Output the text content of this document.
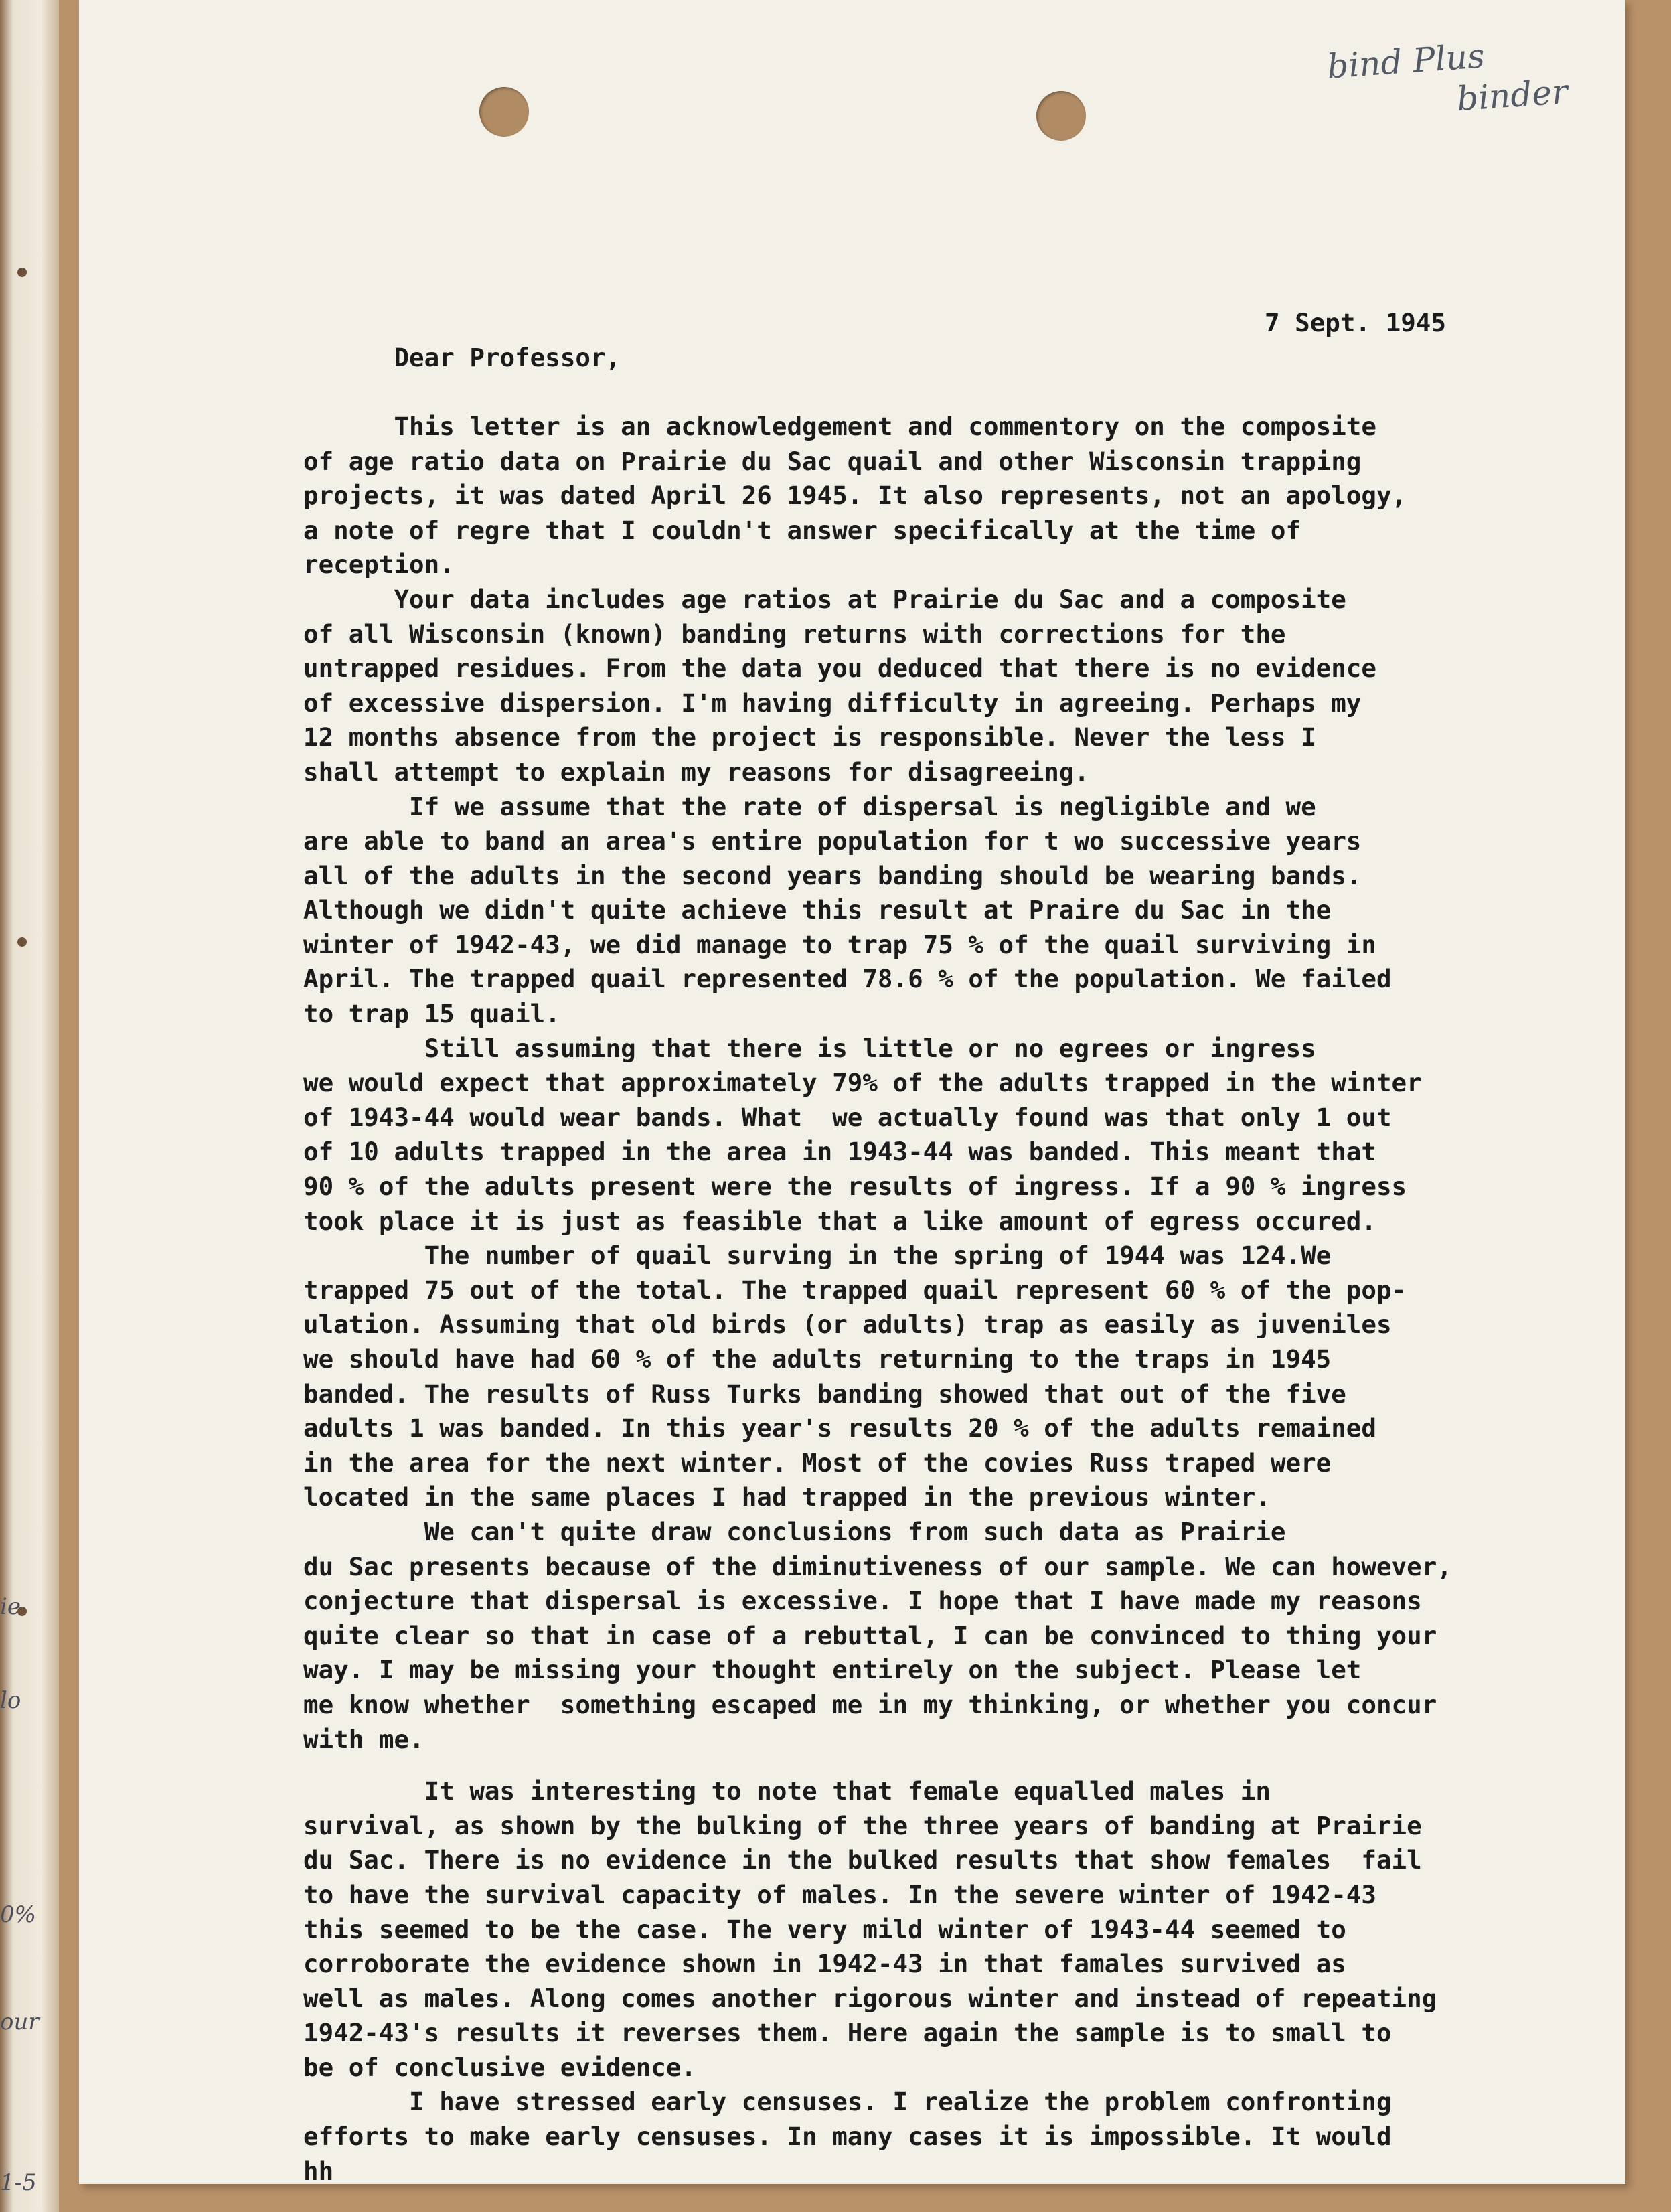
ie
lo
0%
our
1-5
bind Plus
binder

Dear Professor,

7 Sept. 1945

This letter is an acknowledgement and commentory on the composite
of age ratio data on Prairie du Sac quail and other Wisconsin trapping
projects, it was dated April 26 1945. It also represents, not an apology,
a note of regre that I couldn't answer specifically at the time of
reception.
Your data includes age ratios at Prairie du Sac and a composite
of all Wisconsin (known) banding returns with corrections for the
untrapped residues. From the data you deduced that there is no evidence
of excessive dispersion. I'm having difficulty in agreeing. Perhaps my
12 months absence from the project is responsible. Never the less I
shall attempt to explain my reasons for disagreeing.
If we assume that the rate of dispersal is negligible and we
are able to band an area's entire population for t wo successive years
all of the adults in the second years banding should be wearing bands.
Although we didn't quite achieve this result at Praire du Sac in the
winter of 1942-43, we did manage to trap 75 % of the quail surviving in
April. The trapped quail represented 78.6 % of the population. We failed
to trap 15 quail.
Still assuming that there is little or no egrees or ingress
we would expect that approximately 79% of the adults trapped in the winter
of 1943-44 would wear bands. What  we actually found was that only 1 out
of 10 adults trapped in the area in 1943-44 was banded. This meant that
90 % of the adults present were the results of ingress. If a 90 % ingress
took place it is just as feasible that a like amount of egress occured.
The number of quail surving in the spring of 1944 was 124.We
trapped 75 out of the total. The trapped quail represent 60 % of the pop-
ulation. Assuming that old birds (or adults) trap as easily as juveniles
we should have had 60 % of the adults returning to the traps in 1945
banded. The results of Russ Turks banding showed that out of the five
adults 1 was banded. In this year's results 20 % of the adults remained
in the area for the next winter. Most of the covies Russ traped were
located in the same places I had trapped in the previous winter.
We can't quite draw conclusions from such data as Prairie
du Sac presents because of the diminutiveness of our sample. We can however,
conjecture that dispersal is excessive. I hope that I have made my reasons
quite clear so that in case of a rebuttal, I can be convinced to thing your
way. I may be missing your thought entirely on the subject. Please let
me know whether  something escaped me in my thinking, or whether you concur
with me.
It was interesting to note that female equalled males in
survival, as shown by the bulking of the three years of banding at Prairie
du Sac. There is no evidence in the bulked results that show females  fail
to have the survival capacity of males. In the severe winter of 1942-43
this seemed to be the case. The very mild winter of 1943-44 seemed to
corroborate the evidence shown in 1942-43 in that famales survived as
well as males. Along comes another rigorous winter and instead of repeating
1942-43's results it reverses them. Here again the sample is to small to
be of conclusive evidence.
I have stressed early censuses. I realize the problem confronting
efforts to make early censuses. In many cases it is impossible. It would
hh
